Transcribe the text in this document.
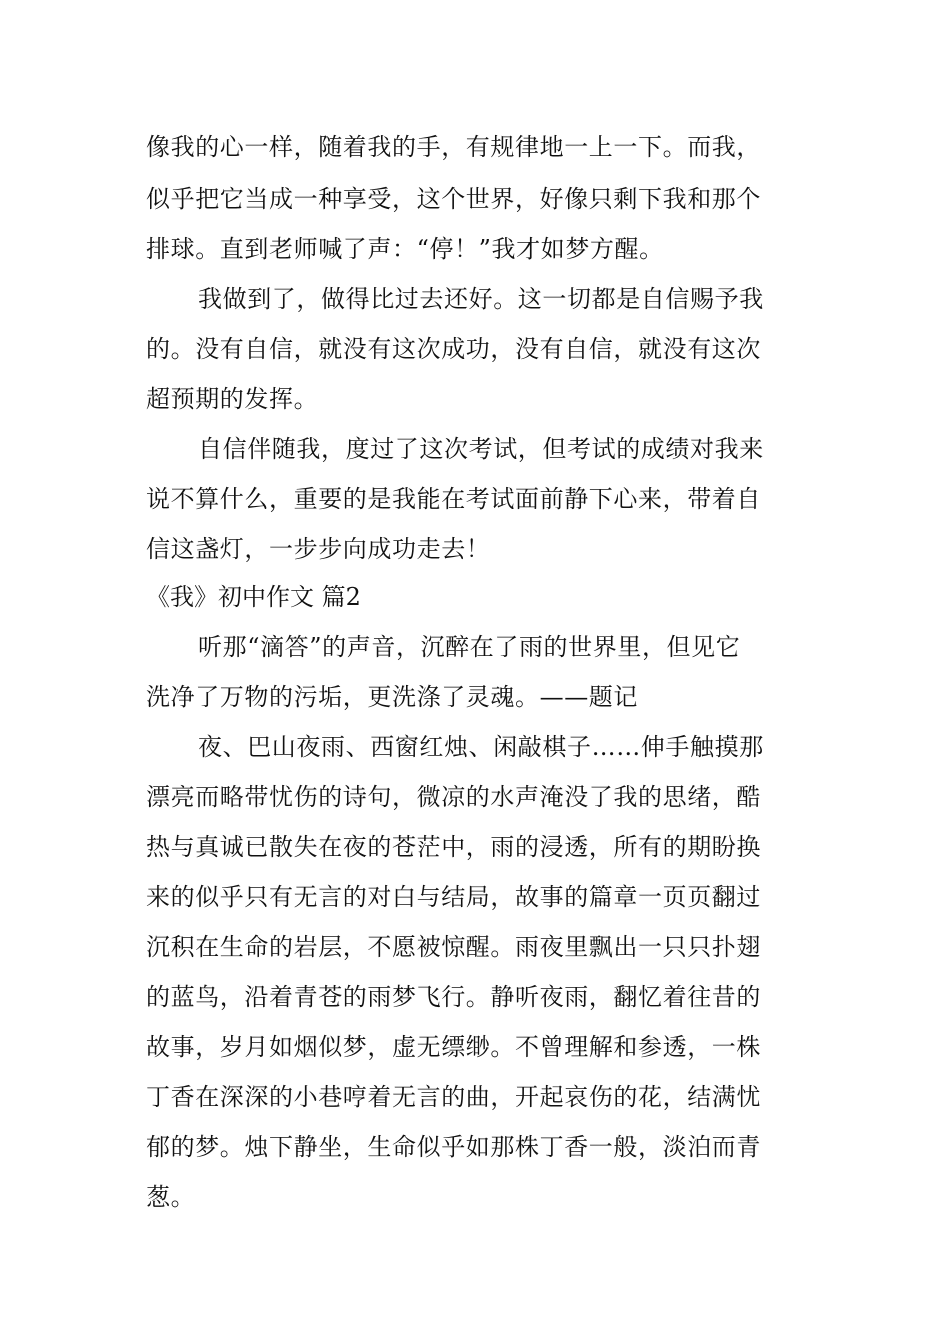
像我的心一样，随着我的手，有规律地一上一下。而我，
似乎把它当成一种享受，这个世界，好像只剩下我和那个
排球。直到老师喊了声：“停！”我才如梦方醒。
我做到了，做得比过去还好。这一切都是自信赐予我
的。没有自信，就没有这次成功，没有自信，就没有这次
超预期的发挥。
自信伴随我，度过了这次考试，但考试的成绩对我来
说不算什么，重要的是我能在考试面前静下心来，带着自
信这盏灯，一步步向成功走去！
《我》初中作文 篇2
听那“滴答”的声音，沉醉在了雨的世界里，但见它
洗净了万物的污垢，更洗涤了灵魂。——题记
夜、巴山夜雨、西窗红烛、闲敲棋子……伸手触摸那
漂亮而略带忧伤的诗句，微凉的水声淹没了我的思绪，酷
热与真诚已散失在夜的苍茫中，雨的浸透，所有的期盼换
来的似乎只有无言的对白与结局，故事的篇章一页页翻过
沉积在生命的岩层，不愿被惊醒。雨夜里飘出一只只扑翅
的蓝鸟，沿着青苍的雨梦飞行。静听夜雨，翻忆着往昔的
故事，岁月如烟似梦，虚无缥缈。不曾理解和参透，一株
丁香在深深的小巷哼着无言的曲，开起哀伤的花，结满忧
郁的梦。烛下静坐，生命似乎如那株丁香一般，淡泊而青
葱。
